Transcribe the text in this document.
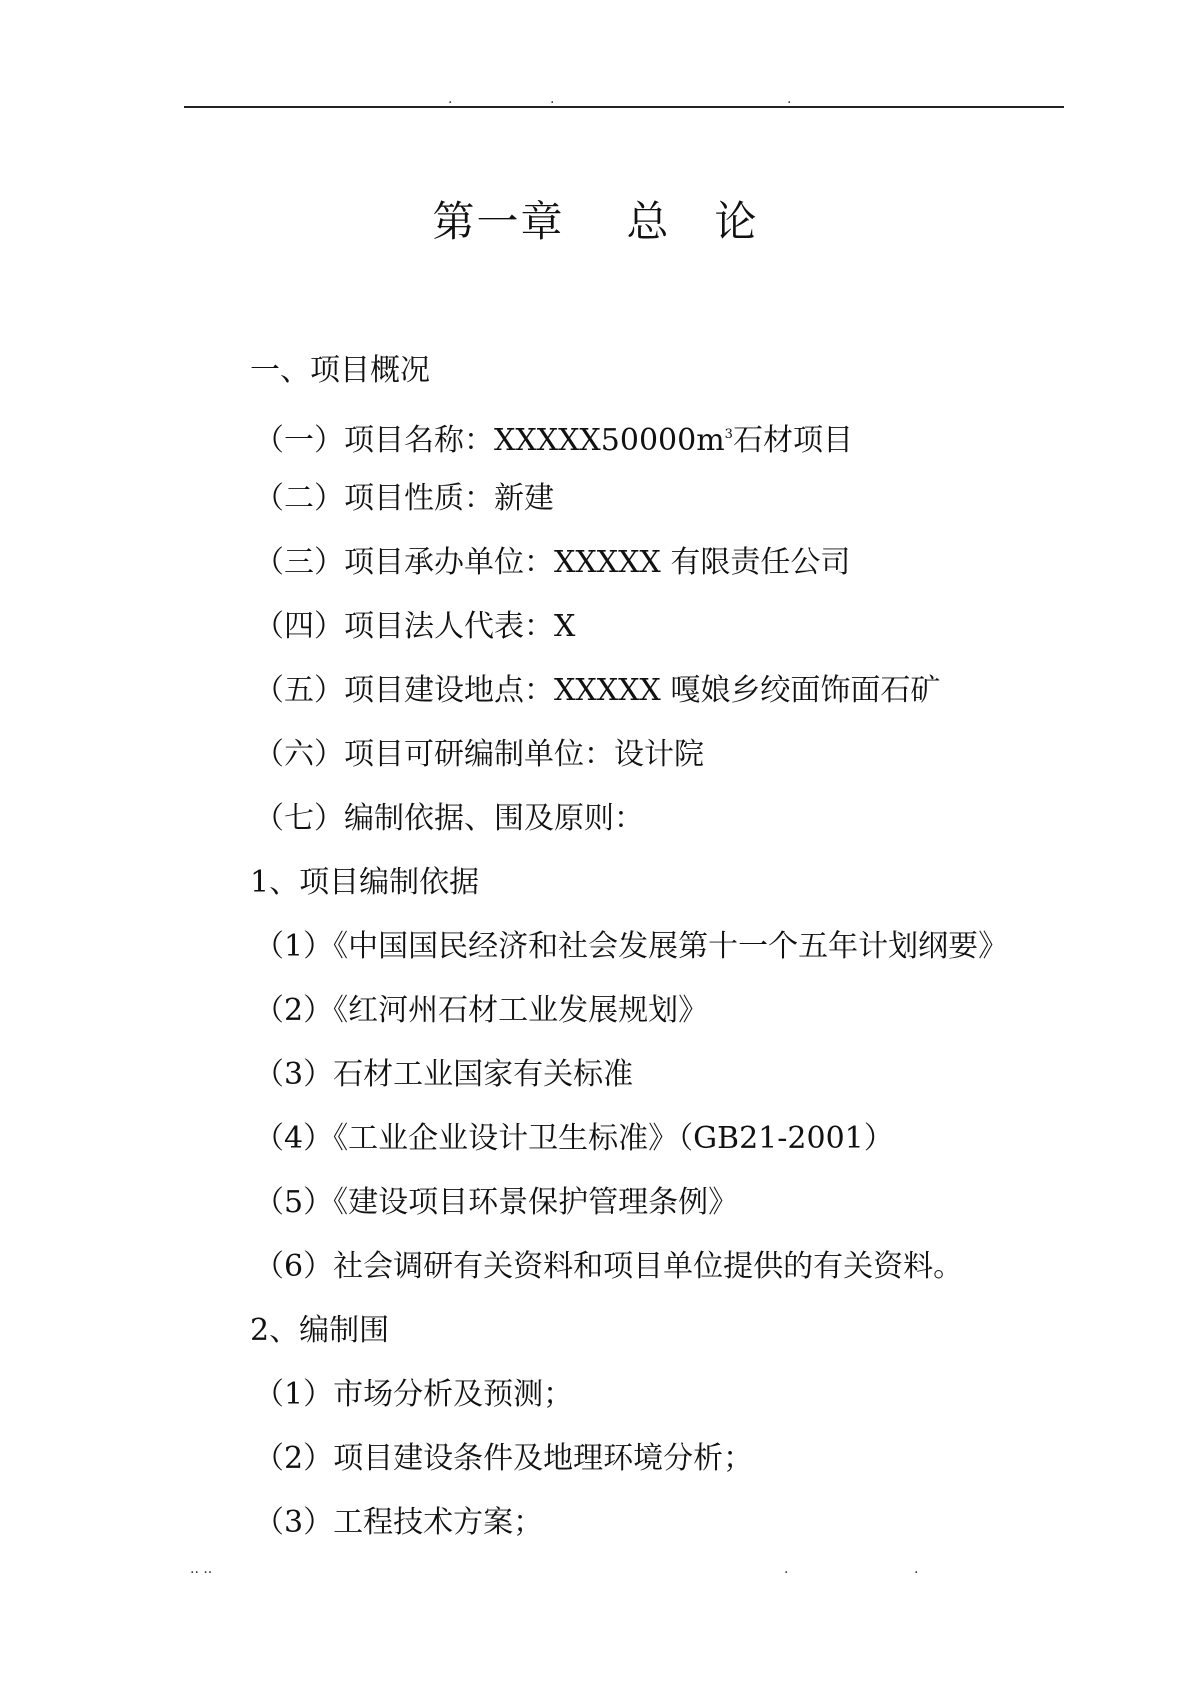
.	.	.
第一章 总 论
一、项目概况
（一）项目名称：$XXXXX50000m^3$石材项目
（二）项目性质：新建
（三）项目承办单位：XXXXX 有限责任公司
（四）项目法人代表：X
（五）项目建设地点：XXXXX 嘎娘乡绞面饰面石矿
（六）项目可研编制单位：设计院
（七）编制依据、围及原则：
1、项目编制依据
（1）《中国国民经济和社会发展第十一个五年计划纲要》
（2）《红河州石材工业发展规划》
（3）石材工业国家有关标准
（4）《工业企业设计卫生标准》（GB21-2001）
（5）《建设项目环景保护管理条例》
（6）社会调研有关资料和项目单位提供的有关资料。
2、编制围
（1）市场分析及预测；
（2）项目建设条件及地理环境分析；
（3）工程技术方案；
.. ..	.	.
